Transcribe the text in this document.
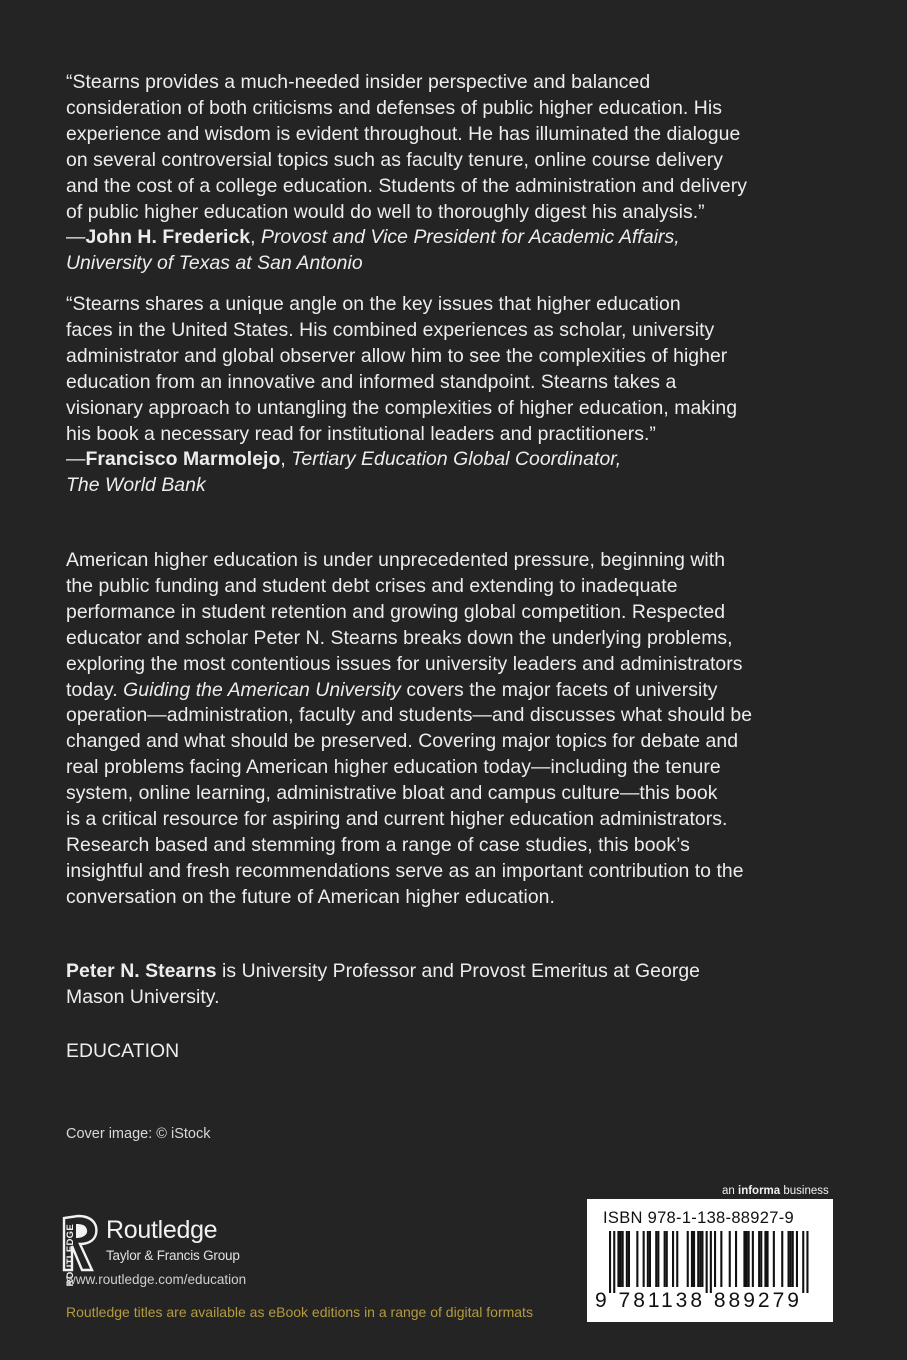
“Stearns provides a much-needed insider perspective and balanced
consideration of both criticisms and defenses of public higher education. His
experience and wisdom is evident throughout. He has illuminated the dialogue
on several controversial topics such as faculty tenure, online course delivery
and the cost of a college education. Students of the administration and delivery
of public higher education would do well to thoroughly digest his analysis.”
—John H. Frederick, Provost and Vice President for Academic Affairs,
University of Texas at San Antonio
“Stearns shares a unique angle on the key issues that higher education
faces in the United States. His combined experiences as scholar, university
administrator and global observer allow him to see the complexities of higher
education from an innovative and informed standpoint. Stearns takes a
visionary approach to untangling the complexities of higher education, making
his book a necessary read for institutional leaders and practitioners.”
—Francisco Marmolejo, Tertiary Education Global Coordinator,
The World Bank
American higher education is under unprecedented pressure, beginning with
the public funding and student debt crises and extending to inadequate
performance in student retention and growing global competition. Respected
educator and scholar Peter N. Stearns breaks down the underlying problems,
exploring the most contentious issues for university leaders and administrators
today. Guiding the American University covers the major facets of university
operation—administration, faculty and students—and discusses what should be
changed and what should be preserved. Covering major topics for debate and
real problems facing American higher education today—including the tenure
system, online learning, administrative bloat and campus culture—this book
is a critical resource for aspiring and current higher education administrators.
Research based and stemming from a range of case studies, this book’s
insightful and fresh recommendations serve as an important contribution to the
conversation on the future of American higher education.
Peter N. Stearns is University Professor and Provost Emeritus at George
Mason University.
EDUCATION
Cover image: © iStock
ROUTLEDGE Routledge
Taylor & Francis Group
www.routledge.com/education
Routledge titles are available as eBook editions in a range of digital formats
an informa business
ISBN 978-1-138-88927-9
9 781138 889279
